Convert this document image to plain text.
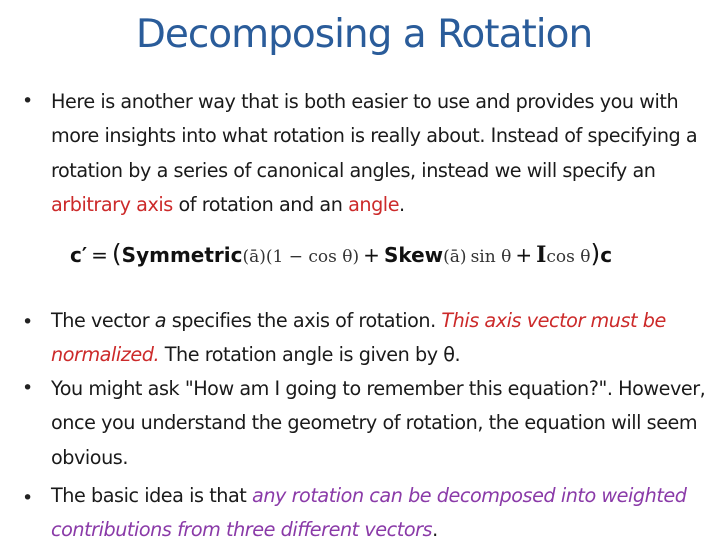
Decomposing a Rotation
• Here is another way that is both easier to use and provides you with more insights into what rotation is really about. Instead of specifying a rotation by a series of canonical angles, instead we will specify an arbitrary axis of rotation and an angle.
c′  =  (Symmetric(ā)(1 − cos θ)  +  Skew(ā)  sin θ  +  Icos θ)c
• The vector a specifies the axis of rotation. This axis vector must be normalized. The rotation angle is given by θ.
• You might ask "How am I going to remember this equation?". However, once you understand the geometry of rotation, the equation will seem obvious.
• The basic idea is that any rotation can be decomposed into weighted contributions from three different vectors.
